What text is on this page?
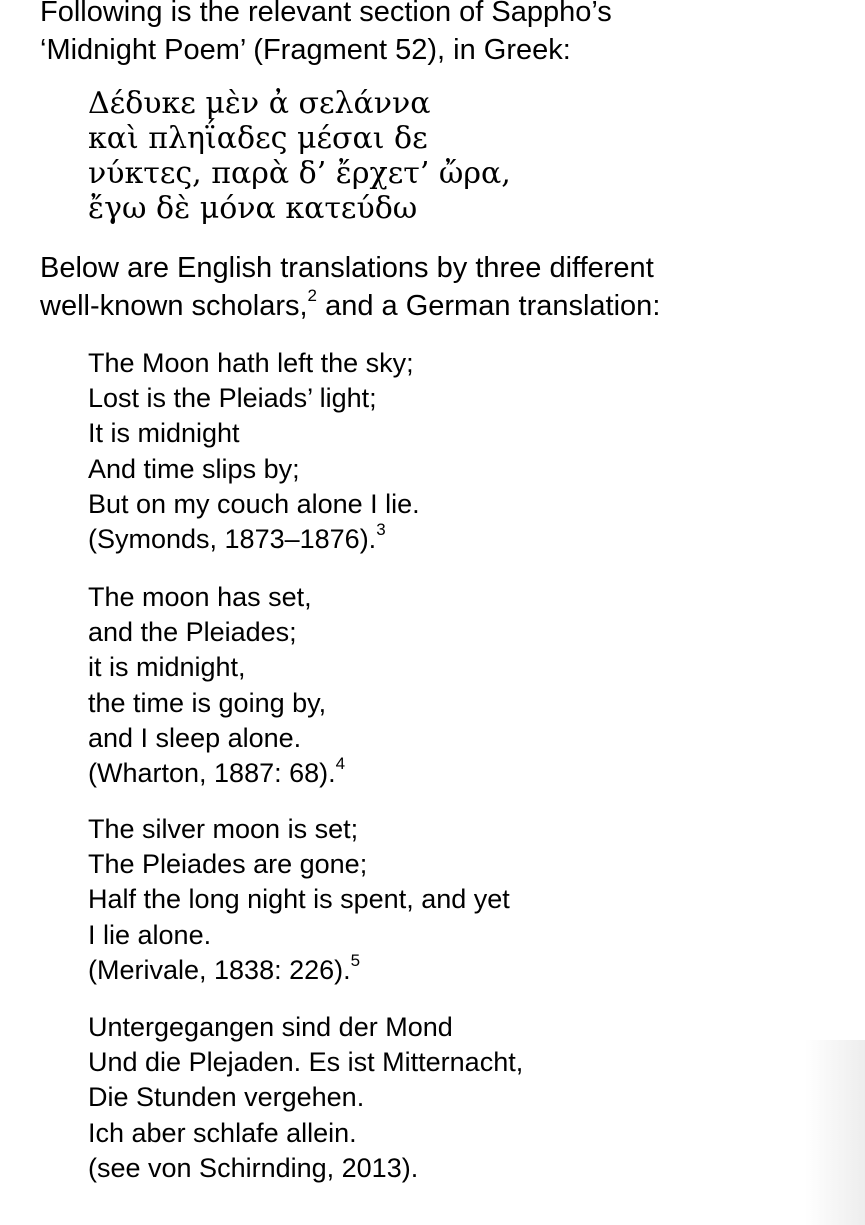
Following is the relevant section of Sappho’s
‘Midnight Poem’ (Fragment 52), in Greek:
Δέδυκε μὲν ἀ σελάννα
καὶ πληΐαδες μέσαι δε
νύκτες, παρὰ δ’ ἔρχετ’ ὤρα,
ἔγω δὲ μόνα κατεύδω
Below are English translations by three different
well-known scholars,$^2$ and a German translation:
The Moon hath left the sky;
Lost is the Pleiads’ light;
It is midnight
And time slips by;
But on my couch alone I lie.
(Symonds, 1873–1876).$^3$
The moon has set,
and the Pleiades;
it is midnight,
the time is going by,
and I sleep alone.
(Wharton, 1887: 68).$^4$
The silver moon is set;
The Pleiades are gone;
Half the long night is spent, and yet
I lie alone.
(Merivale, 1838: 226).$^5$
Untergegangen sind der Mond
Und die Plejaden. Es ist Mitternacht,
Die Stunden vergehen.
Ich aber schlafe allein.
(see von Schirnding, 2013).
